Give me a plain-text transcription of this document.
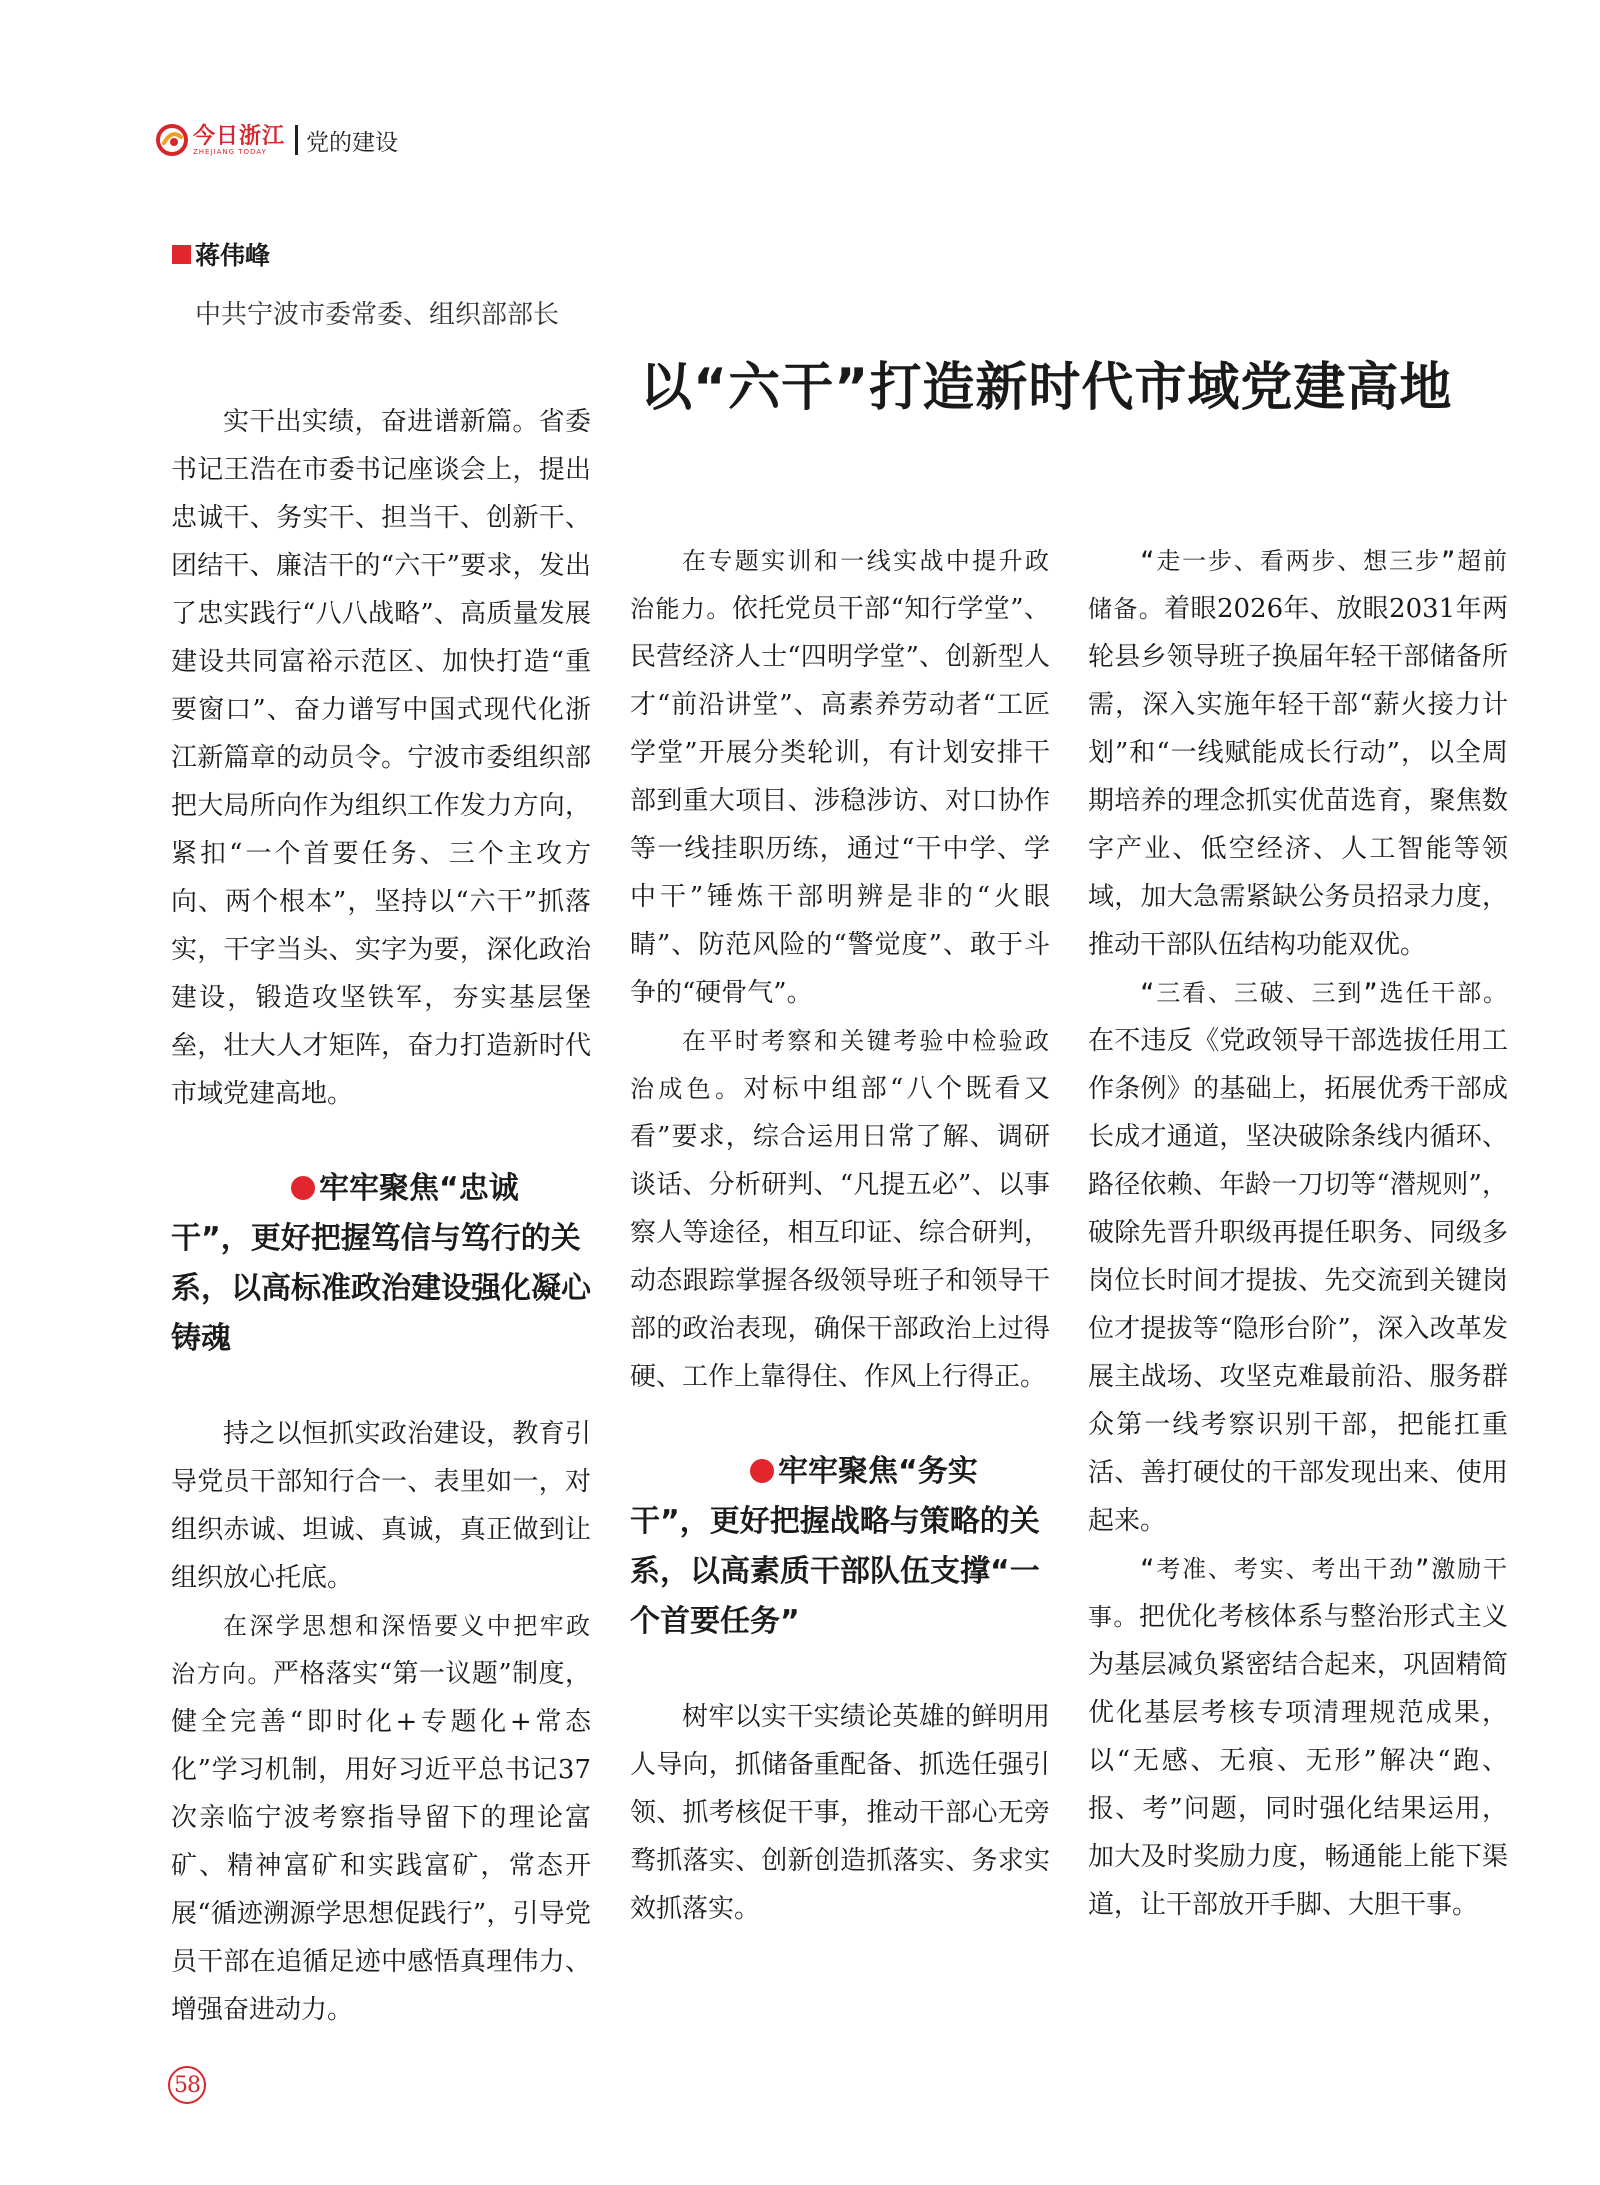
今日浙江
ZHEJIANG TODAY	党的建设
蒋伟峰
中共宁波市委常委、组织部部长
以“六干”打造新时代市域党建高地

实干出实绩，奋进谱新篇。省委书记王浩在市委书记座谈会上，提出忠诚干、务实干、担当干、创新干、团结干、廉洁干的“六干”要求，发出了忠实践行“八八战略”、高质量发展建设共同富裕示范区、加快打造“重要窗口”、奋力谱写中国式现代化浙江新篇章的动员令。宁波市委组织部把大局所向作为组织工作发力方向，紧扣“一个首要任务、三个主攻方向、两个根本”，坚持以“六干”抓落实，干字当头、实字为要，深化政治建设，锻造攻坚铁军，夯实基层堡垒，壮大人才矩阵，奋力打造新时代市域党建高地。

牢牢聚焦“忠诚干”，更好把握笃信与笃行的关系，以高标准政治建设强化凝心铸魂

持之以恒抓实政治建设，教育引导党员干部知行合一、表里如一，对组织赤诚、坦诚、真诚，真正做到让组织放心托底。

在深学思想和深悟要义中把牢政治方向。严格落实“第一议题”制度，健全完善“即时化+专题化+常态化”学习机制，用好习近平总书记37次亲临宁波考察指导留下的理论富矿、精神富矿和实践富矿，常态开展“循迹溯源学思想促践行”，引导党员干部在追循足迹中感悟真理伟力、增强奋进动力。

在专题实训和一线实战中提升政治能力。依托党员干部“知行学堂”、民营经济人士“四明学堂”、创新型人才“前沿讲堂”、高素养劳动者“工匠学堂”开展分类轮训，有计划安排干部到重大项目、涉稳涉访、对口协作等一线挂职历练，通过“干中学、学中干”锤炼干部明辨是非的“火眼睛”、防范风险的“警觉度”、敢于斗争的“硬骨气”。

在平时考察和关键考验中检验政治成色。对标中组部“八个既看又看”要求，综合运用日常了解、调研谈话、分析研判、“凡提五必”、以事察人等途径，相互印证、综合研判，动态跟踪掌握各级领导班子和领导干部的政治表现，确保干部政治上过得硬、工作上靠得住、作风上行得正。

牢牢聚焦“务实干”，更好把握战略与策略的关系，以高素质干部队伍支撑“一个首要任务”

树牢以实干实绩论英雄的鲜明用人导向，抓储备重配备、抓选任强引领、抓考核促干事，推动干部心无旁骛抓落实、创新创造抓落实、务求实效抓落实。

“走一步、看两步、想三步”超前储备。着眼2026年、放眼2031年两轮县乡领导班子换届年轻干部储备所需，深入实施年轻干部“薪火接力计划”和“一线赋能成长行动”，以全周期培养的理念抓实优苗选育，聚焦数字产业、低空经济、人工智能等领域，加大急需紧缺公务员招录力度，推动干部队伍结构功能双优。

“三看、三破、三到”选任干部。在不违反《党政领导干部选拔任用工作条例》的基础上，拓展优秀干部成长成才通道，坚决破除条线内循环、路径依赖、年龄一刀切等“潜规则”，破除先晋升职级再提任职务、同级多岗位长时间才提拔、先交流到关键岗位才提拔等“隐形台阶”，深入改革发展主战场、攻坚克难最前沿、服务群众第一线考察识别干部，把能扛重活、善打硬仗的干部发现出来、使用起来。

“考准、考实、考出干劲”激励干事。把优化考核体系与整治形式主义为基层减负紧密结合起来，巩固精简优化基层考核专项清理规范成果，以“无感、无痕、无形”解决“跑、报、考”问题，同时强化结果运用，加大及时奖励力度，畅通能上能下渠道，让干部放开手脚、大胆干事。

58
